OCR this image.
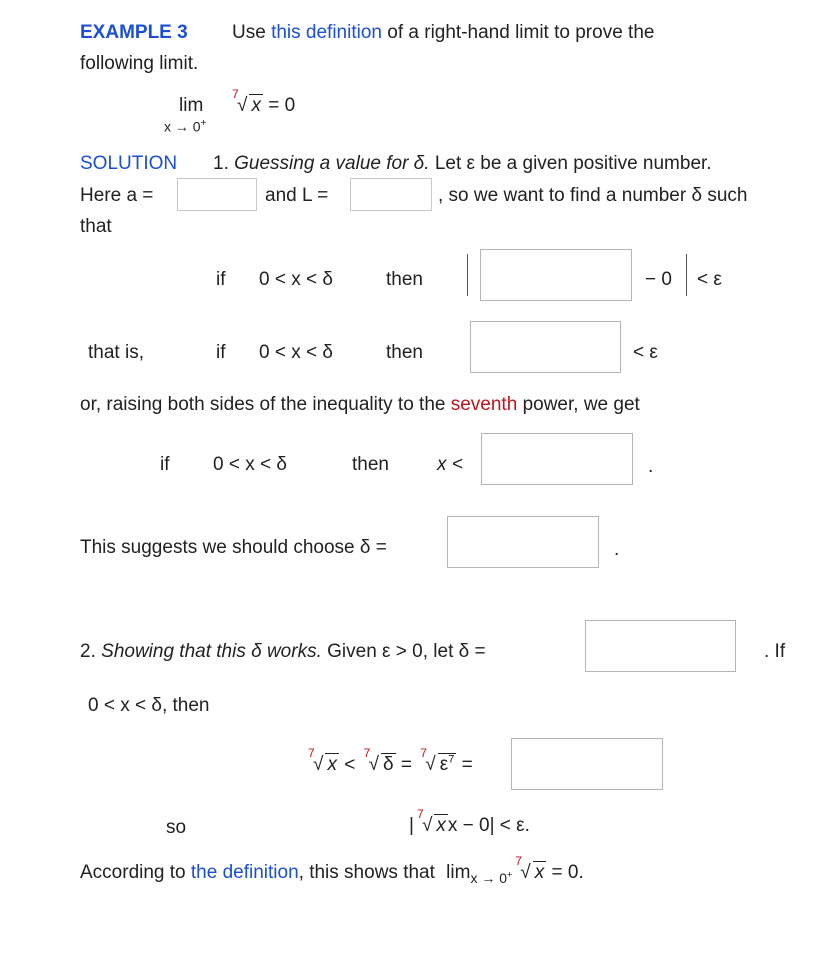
EXAMPLE 3 Use this definition of a right-hand limit to prove the
following limit.
lim
x → 0+
7
√ x = 0
SOLUTION 1. Guessing a value for δ. Let ε be a given positive number.
Here a =	and L =	, so we want to find a number δ such
that
if 0 < x < δ	then	− 0 < ε
that is,	if 0 < x < δ	then	< ε
or, raising both sides of the inequality to the seventh power, we get
if 0 < x < δ	then	x <	.
This suggests we should choose δ =	.
2. Showing that this δ works. Given ε > 0, let δ =	. If
0 < x < δ, then
7
√ x <
7
√ δ =
7
√ $\varepsilon^7$ =
so	|
7
√ x x − 0| < ε.
According to the definition, this shows that $\lim_{x \to 0^+}$
7
√ x = 0.
